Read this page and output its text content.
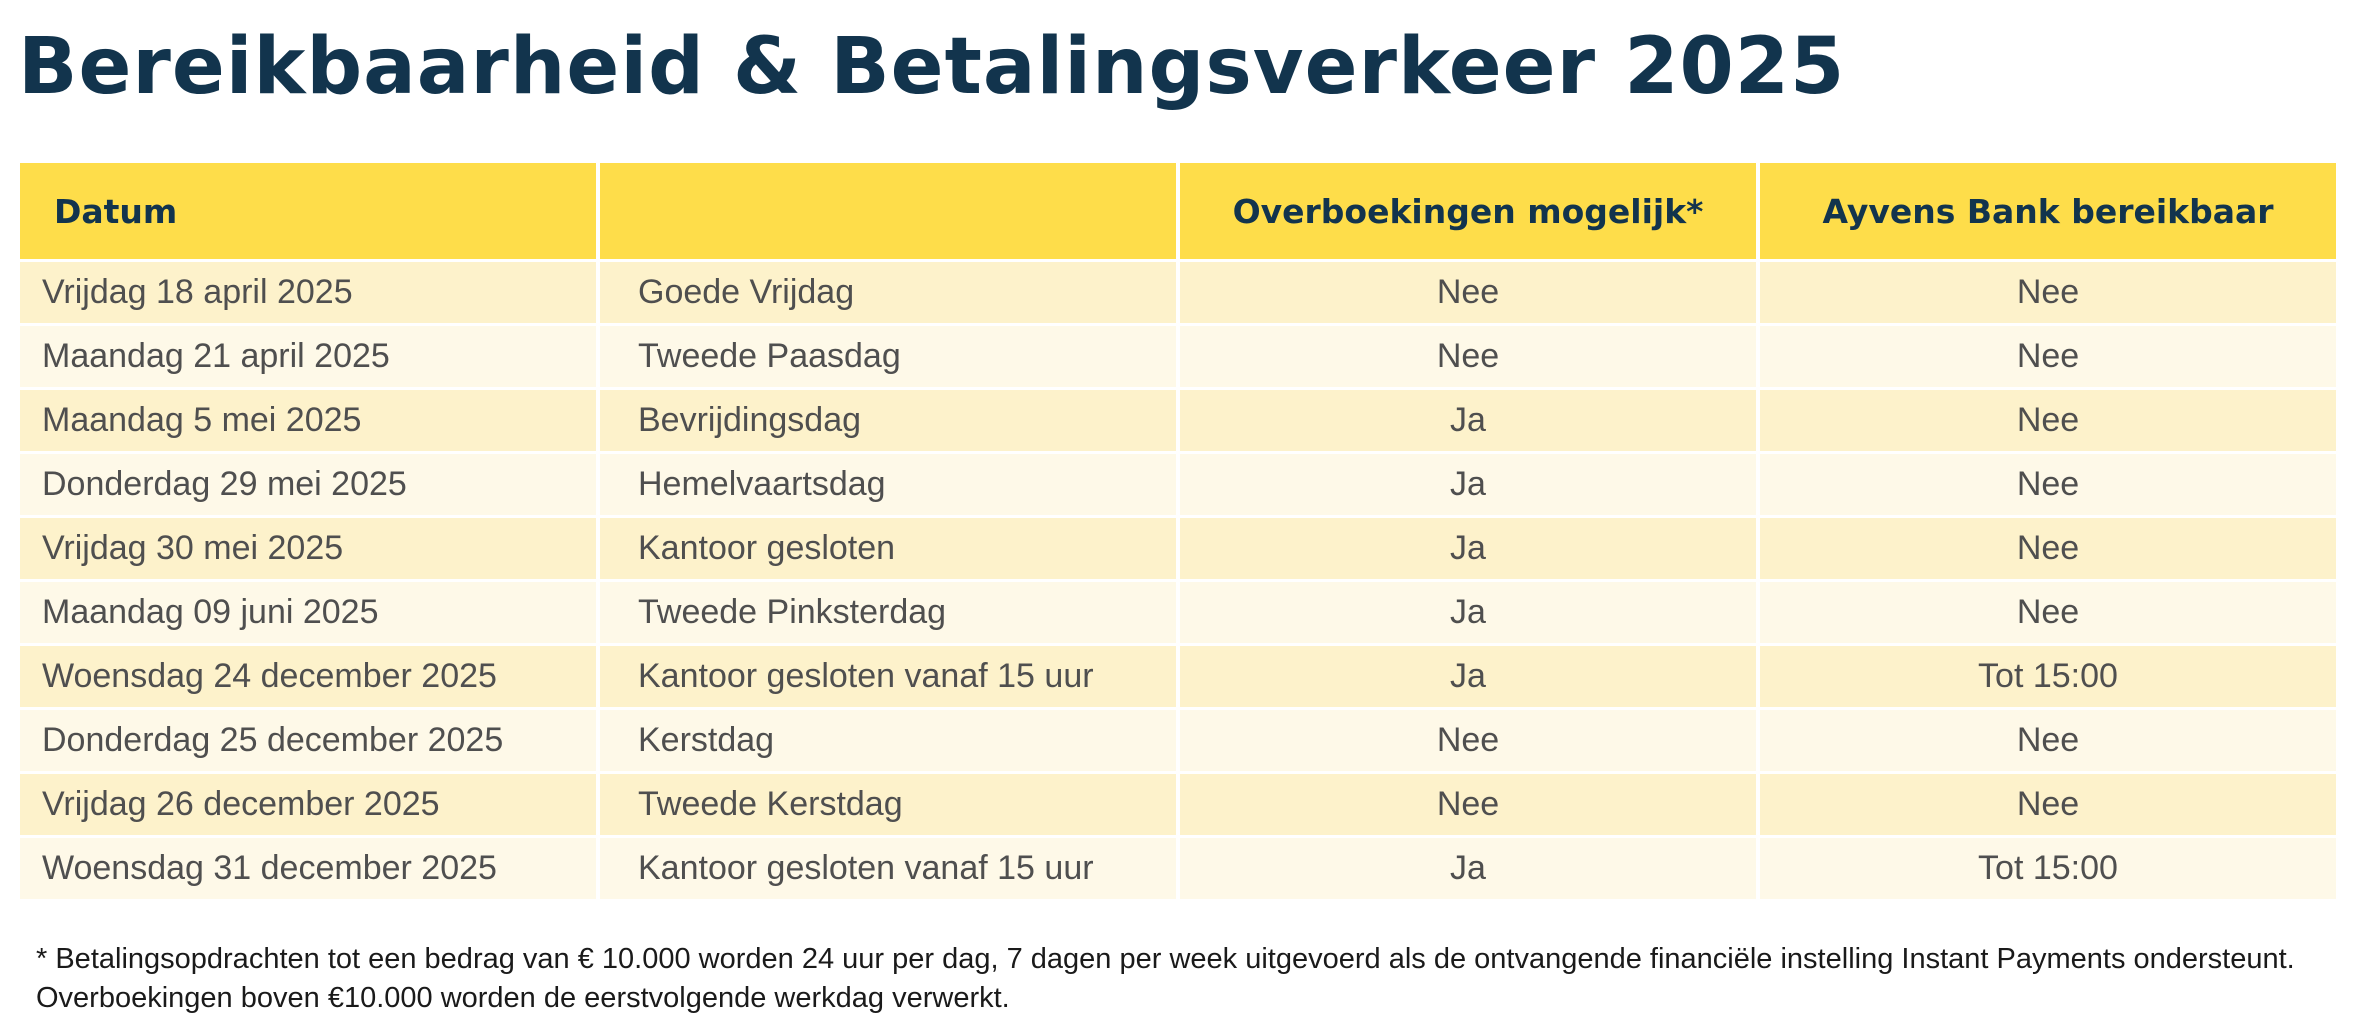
Bereikbaarheid & Betalingsverkeer 2025
Datum		Overboekingen mogelijk*	Ayvens Bank bereikbaar
Vrijdag 18 april 2025	Goede Vrijdag	Nee	Nee
Maandag 21 april 2025	Tweede Paasdag	Nee	Nee
Maandag 5 mei 2025	Bevrijdingsdag	Ja	Nee
Donderdag 29 mei 2025	Hemelvaartsdag	Ja	Nee
Vrijdag 30 mei 2025	Kantoor gesloten	Ja	Nee
Maandag 09 juni 2025	Tweede Pinksterdag	Ja	Nee
Woensdag 24 december 2025	Kantoor gesloten vanaf 15 uur	Ja	Tot 15:00
Donderdag 25 december 2025	Kerstdag	Nee	Nee
Vrijdag 26 december 2025	Tweede Kerstdag	Nee	Nee
Woensdag 31 december 2025	Kantoor gesloten vanaf 15 uur	Ja	Tot 15:00

* Betalingsopdrachten tot een bedrag van € 10.000 worden 24 uur per dag, 7 dagen per week uitgevoerd als de ontvangende financiële instelling Instant Payments ondersteunt. Overboekingen boven €10.000 worden de eerstvolgende werkdag verwerkt.
